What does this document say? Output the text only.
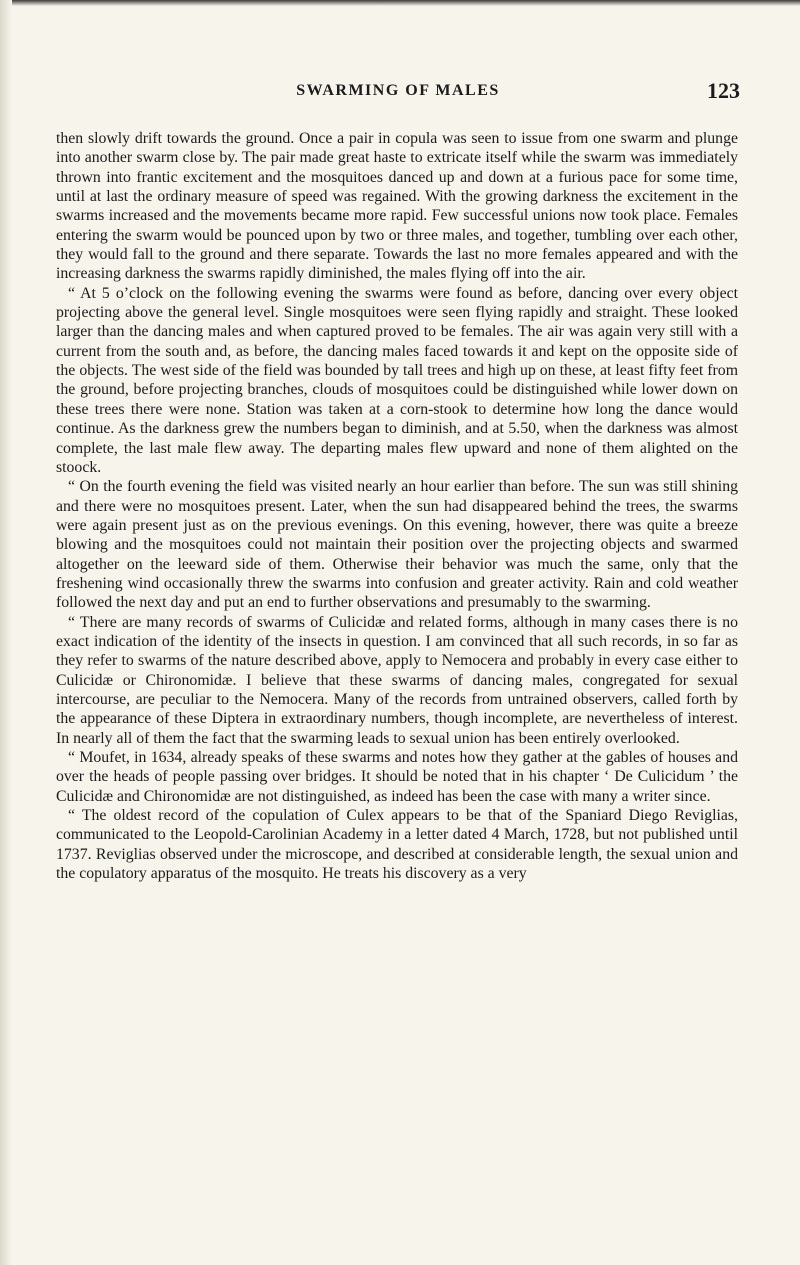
SWARMING OF MALES	123

then slowly drift towards the ground. Once a pair in copula was seen to issue from one swarm and plunge into another swarm close by. The pair made great haste to extricate itself while the swarm was immediately thrown into frantic excitement and the mosquitoes danced up and down at a furious pace for some time, until at last the ordinary measure of speed was regained. With the growing darkness the excitement in the swarms increased and the movements became more rapid. Few successful unions now took place. Females entering the swarm would be pounced upon by two or three males, and together, tumbling over each other, they would fall to the ground and there separate. Towards the last no more females appeared and with the increasing darkness the swarms rapidly diminished, the males flying off into the air.

“ At 5 o’clock on the following evening the swarms were found as before, dancing over every object projecting above the general level. Single mosquitoes were seen flying rapidly and straight. These looked larger than the dancing males and when captured proved to be females. The air was again very still with a current from the south and, as before, the dancing males faced towards it and kept on the opposite side of the objects. The west side of the field was bounded by tall trees and high up on these, at least fifty feet from the ground, before projecting branches, clouds of mosquitoes could be distinguished while lower down on these trees there were none. Station was taken at a corn-stook to determine how long the dance would continue. As the darkness grew the numbers began to diminish, and at 5.50, when the darkness was almost complete, the last male flew away. The departing males flew upward and none of them alighted on the stoock.

“ On the fourth evening the field was visited nearly an hour earlier than before. The sun was still shining and there were no mosquitoes present. Later, when the sun had disappeared behind the trees, the swarms were again present just as on the previous evenings. On this evening, however, there was quite a breeze blowing and the mosquitoes could not maintain their position over the projecting objects and swarmed altogether on the leeward side of them. Otherwise their behavior was much the same, only that the freshening wind occasionally threw the swarms into confusion and greater activity. Rain and cold weather followed the next day and put an end to further observations and presumably to the swarming.

“ There are many records of swarms of Culicidæ and related forms, although in many cases there is no exact indication of the identity of the insects in question. I am convinced that all such records, in so far as they refer to swarms of the nature described above, apply to Nemocera and probably in every case either to Culicidæ or Chironomidæ. I believe that these swarms of dancing males, congregated for sexual intercourse, are peculiar to the Nemocera. Many of the records from untrained observers, called forth by the appearance of these Diptera in extraordinary numbers, though incomplete, are nevertheless of interest. In nearly all of them the fact that the swarming leads to sexual union has been entirely overlooked.

“ Moufet, in 1634, already speaks of these swarms and notes how they gather at the gables of houses and over the heads of people passing over bridges. It should be noted that in his chapter ‘ De Culicidum ’ the Culicidæ and Chironomidæ are not distinguished, as indeed has been the case with many a writer since.

“ The oldest record of the copulation of Culex appears to be that of the Spaniard Diego Reviglias, communicated to the Leopold-Carolinian Academy in a letter dated 4 March, 1728, but not published until 1737. Reviglias observed under the microscope, and described at considerable length, the sexual union and the copulatory apparatus of the mosquito. He treats his discovery as a very
